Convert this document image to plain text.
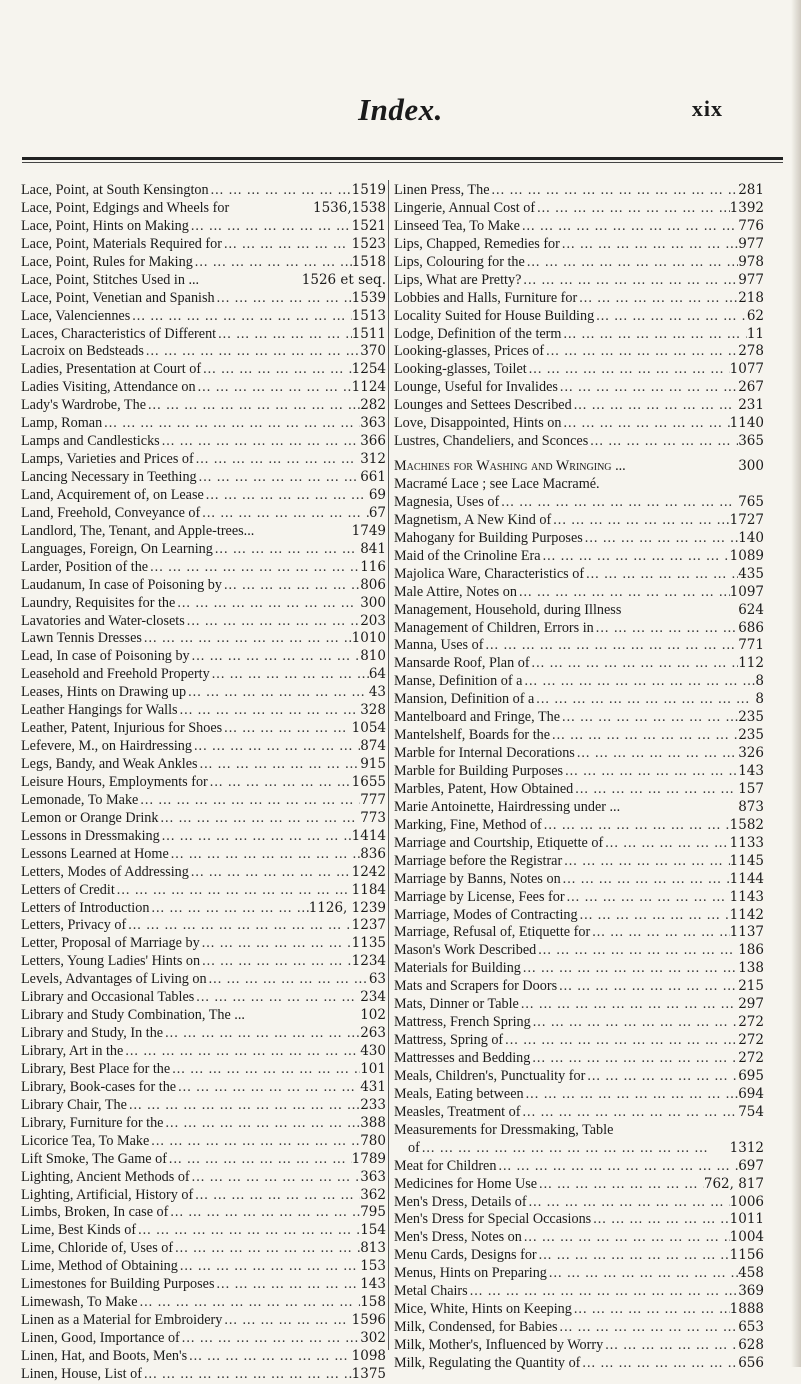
Index.	xix
Lace, Point, at South Kensington ... .	1519
Lace, Point, Edgings and Wheels for	1536,1538
Lace, Point, Hints on Making ... .	1521
Lace, Point, Materials Required for ... .	1523
Lace, Point, Rules for Making ... .	1518
Lace, Point, Stitches Used in ...	1526 et seq.
Lace, Point, Venetian and Spanish ... .	1539
Lace, Valenciennes ... .	1513
Laces, Characteristics of Different ... .	1511
Lacroix on Bedsteads ... .	370
Ladies, Presentation at Court of ... .	1254
Ladies Visiting, Attendance on ... .	1124
Lady's Wardrobe, The ... .	282
Lamp, Roman ... .	363
Lamps and Candlesticks ... .	366
Lamps, Varieties and Prices of ... .	312
Lancing Necessary in Teething ... .	661
Land, Acquirement of, on Lease ... .	69
Land, Freehold, Conveyance of ... .	67
Landlord, The, Tenant, and Apple-trees...	1749
Languages, Foreign, On Learning ... .	841
Larder, Position of the ... .	116
Laudanum, In case of Poisoning by ... .	806
Laundry, Requisites for the ... .	300
Lavatories and Water-closets ... .	203
Lawn Tennis Dresses ... .	1010
Lead, In case of Poisoning by ... .	810
Leasehold and Freehold Property ... .	64
Leases, Hints on Drawing up ... .	43
Leather Hangings for Walls ... .	328
Leather, Patent, Injurious for Shoes ... .	1054
Lefevere, M., on Hairdressing ... .	874
Legs, Bandy, and Weak Ankles ... .	915
Leisure Hours, Employments for ... .	1655
Lemonade, To Make ... .	777
Lemon or Orange Drink ... .	773
Lessons in Dressmaking ... .	1414
Lessons Learned at Home ... .	836
Letters, Modes of Addressing ... .	1242
Letters of Credit ... .	1184
Letters of Introduction ... .	1126, 1239
Letters, Privacy of ... .	1237
Letter, Proposal of Marriage by ... .	1135
Letters, Young Ladies' Hints on ... .	1234
Levels, Advantages of Living on ... .	63
Library and Occasional Tables ... .	234
Library and Study Combination, The ...	102
Library and Study, In the ... .	263
Library, Art in the ... .	430
Library, Best Place for the ... .	101
Library, Book-cases for the ... .	431
Library Chair, The ... .	233
Library, Furniture for the ... .	388
Licorice Tea, To Make ... .	780
Lift Smoke, The Game of ... .	1789
Lighting, Ancient Methods of ... .	363
Lighting, Artificial, History of ... .	362
Limbs, Broken, In case of ... .	795
Lime, Best Kinds of ... .	154
Lime, Chloride of, Uses of ... .	813
Lime, Method of Obtaining ... .	153
Limestones for Building Purposes ... .	143
Limewash, To Make ... .	158
Linen as a Material for Embroidery ... .	1596
Linen, Good, Importance of ... .	302
Linen, Hat, and Boots, Men's ... .	1098
Linen, House, List of ... .	1375
Linen Press, The ... .	281
Lingerie, Annual Cost of ... .	1392
Linseed Tea, To Make ... .	776
Lips, Chapped, Remedies for ... .	977
Lips, Colouring for the ... .	978
Lips, What are Pretty? ... .	977
Lobbies and Halls, Furniture for ... .	218
Locality Suited for House Building ... .	62
Lodge, Definition of the term ... .	11
Looking-glasses, Prices of ... .	278
Looking-glasses, Toilet ... .	1077
Lounge, Useful for Invalides ... .	267
Lounges and Settees Described ... .	231
Love, Disappointed, Hints on ... .	1140
Lustres, Chandeliers, and Sconces ... .	365
Machines for Washing and Wringing ...	300
Macramé Lace ; see Lace Macramé.
Magnesia, Uses of ... .	765
Magnetism, A New Kind of ... .	1727
Mahogany for Building Purposes ... .	140
Maid of the Crinoline Era ... .	1089
Majolica Ware, Characteristics of ... .	435
Male Attire, Notes on ... .	1097
Management, Household, during Illness	624
Management of Children, Errors in ... .	686
Manna, Uses of ... .	771
Mansarde Roof, Plan of ... .	112
Manse, Definition of a ... .	8
Mansion, Definition of a ... .	8
Mantelboard and Fringe, The ... .	235
Mantelshelf, Boards for the ... .	235
Marble for Internal Decorations ... .	326
Marble for Building Purposes ... .	143
Marbles, Patent, How Obtained ... .	157
Marie Antoinette, Hairdressing under ...	873
Marking, Fine, Method of ... .	1582
Marriage and Courtship, Etiquette of ... .	1133
Marriage before the Registrar ... .	1145
Marriage by Banns, Notes on ... .	1144
Marriage by License, Fees for ... .	1143
Marriage, Modes of Contracting ... .	1142
Marriage, Refusal of, Etiquette for ... .	1137
Mason's Work Described ... .	186
Materials for Building ... .	138
Mats and Scrapers for Doors ... .	215
Mats, Dinner or Table ... .	297
Mattress, French Spring ... .	272
Mattress, Spring of ... .	272
Mattresses and Bedding ... .	272
Meals, Children's, Punctuality for ... .	695
Meals, Eating between ... .	694
Measles, Treatment of ... .	754
Measurements for Dressmaking, Table
of ... .	1312
Meat for Children ... .	697
Medicines for Home Use ... .	762, 817
Men's Dress, Details of ... .	1006
Men's Dress for Special Occasions ... .	1011
Men's Dress, Notes on ... .	1004
Menu Cards, Designs for ... .	1156
Menus, Hints on Preparing ... .	458
Metal Chairs ... .	369
Mice, White, Hints on Keeping ... .	1888
Milk, Condensed, for Babies ... .	653
Milk, Mother's, Influenced by Worry ... .	628
Milk, Regulating the Quantity of ... .	656
